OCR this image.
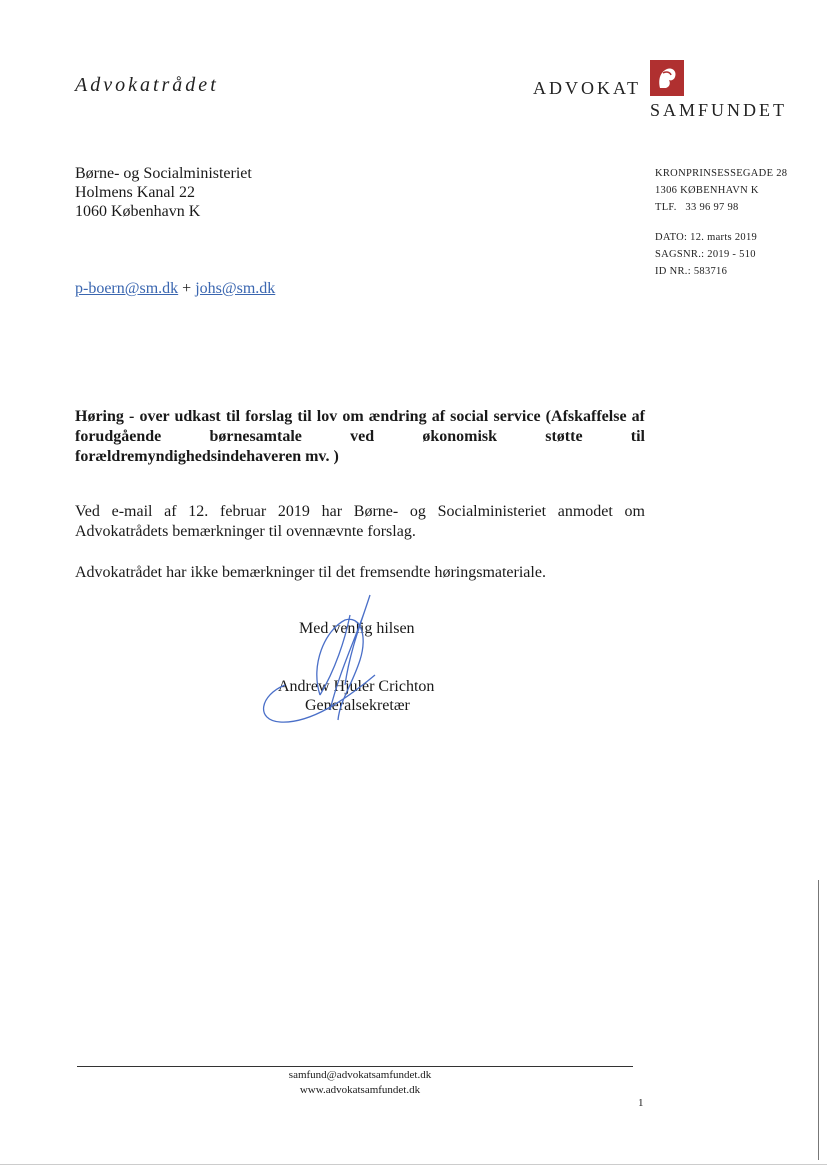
Advokatrådet	ADVOKAT
SAMFUNDET
Børne- og Socialministeriet
Holmens Kanal 22
1060 København K
KRONPRINSESSEGADE 28
1306 KØBENHAVN K
TLF.   33 96 97 98
DATO: 12. marts 2019
SAGSNR.: 2019 - 510
ID NR.: 583716
p-boern@sm.dk + johs@sm.dk
Høring - over udkast til forslag til lov om ændring af social service (Afskaffelse af forudgående børnesamtale ved økonomisk støtte til forældremyndighedsindehaveren mv. )
Ved e-mail af 12. februar 2019 har Børne- og Socialministeriet anmodet om Advokatrådets bemærkninger til ovennævnte forslag.
Advokatrådet har ikke bemærkninger til det fremsendte høringsmateriale.
Med venlig hilsen
Andrew Hjuler Crichton
Generalsekretær
samfund@advokatsamfundet.dk
www.advokatsamfundet.dk
1
